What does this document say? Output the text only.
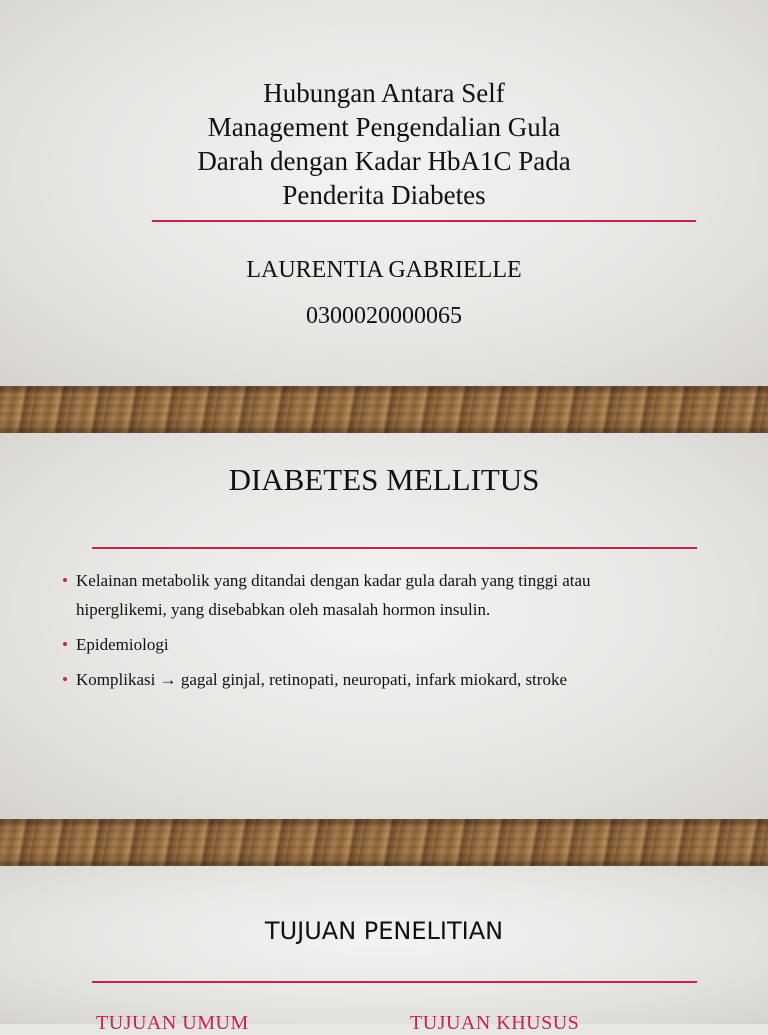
Hubungan Antara Self
Management Pengendalian Gula
Darah dengan Kadar HbA1C Pada
Penderita Diabetes
LAURENTIA GABRIELLE
0300020000065
DIABETES MELLITUS
• Kelainan metabolik yang ditandai dengan kadar gula darah yang tinggi atau hiperglikemi, yang disebabkan oleh masalah hormon insulin.
• Epidemiologi
• Komplikasi → gagal ginjal, retinopati, neuropati, infark miokard, stroke
TUJUAN PENELITIAN
TUJUAN UMUM	TUJUAN KHUSUS
